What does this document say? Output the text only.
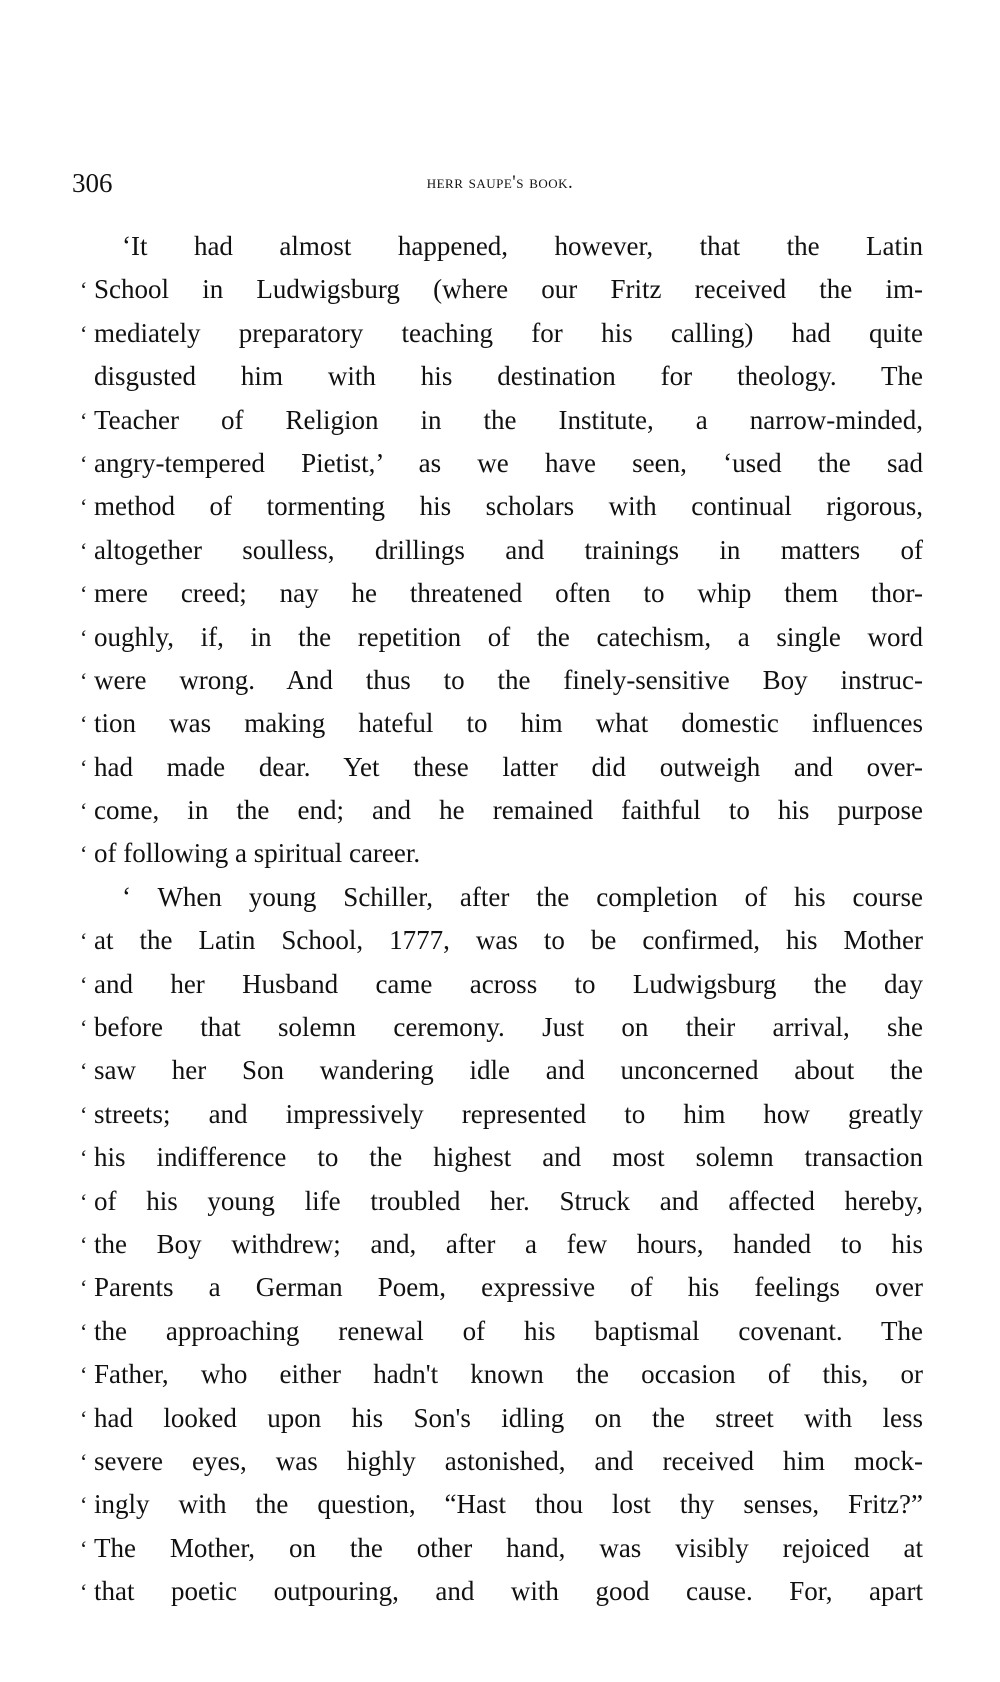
306	herr saupe's book.
‘It had almost happened, however, that the Latin
‘ School in Ludwigsburg (where our Fritz received the im-
‘ mediately preparatory teaching for his calling) had quite
disgusted him with his destination for theology. The
‘ Teacher of Religion in the Institute, a narrow-minded,
‘ angry-tempered Pietist,’ as we have seen, ‘used the sad
‘ method of tormenting his scholars with continual rigorous,
‘ altogether soulless, drillings and trainings in matters of
‘ mere creed; nay he threatened often to whip them thor-
‘ oughly, if, in the repetition of the catechism, a single word
‘ were wrong. And thus to the finely-sensitive Boy instruc-
‘ tion was making hateful to him what domestic influences
‘ had made dear. Yet these latter did outweigh and over-
‘ come, in the end; and he remained faithful to his purpose
‘ of following a spiritual career.
‘ When young Schiller, after the completion of his course
‘ at the Latin School, 1777, was to be confirmed, his Mother
‘ and her Husband came across to Ludwigsburg the day
‘ before that solemn ceremony. Just on their arrival, she
‘ saw her Son wandering idle and unconcerned about the
‘ streets; and impressively represented to him how greatly
‘ his indifference to the highest and most solemn transaction
‘ of his young life troubled her. Struck and affected hereby,
‘ the Boy withdrew; and, after a few hours, handed to his
‘ Parents a German Poem, expressive of his feelings over
‘ the approaching renewal of his baptismal covenant. The
‘ Father, who either hadn't known the occasion of this, or
‘ had looked upon his Son's idling on the street with less
‘ severe eyes, was highly astonished, and received him mock-
‘ ingly with the question, “Hast thou lost thy senses, Fritz?”
‘ The Mother, on the other hand, was visibly rejoiced at
‘ that poetic outpouring, and with good cause. For, apart
